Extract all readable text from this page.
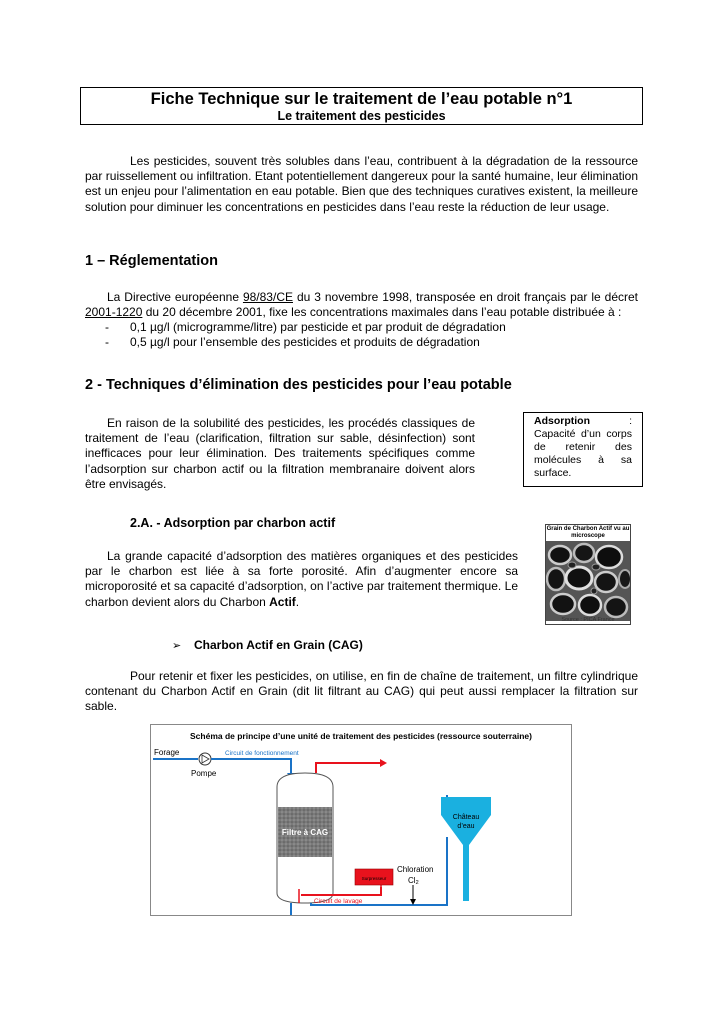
Fiche Technique sur le traitement de l’eau potable n°1
Le traitement des pesticides
Les pesticides, souvent très solubles dans l’eau, contribuent à la dégradation de la ressource par ruissellement ou infiltration. Etant potentiellement dangereux pour la santé humaine, leur élimination est un enjeu pour l’alimentation en eau potable. Bien que des techniques curatives existent, la meilleure solution pour diminuer les concentrations en pesticides dans l’eau reste la réduction de leur usage.
1 – Réglementation
La Directive européenne 98/83/CE du 3 novembre 1998, transposée en droit français par le décret 2001-1220 du 20 décembre 2001, fixe les concentrations maximales dans l’eau potable distribuée à :
- 0,1 µg/l (microgramme/litre) par pesticide et par produit de dégradation
- 0,5 µg/l pour l’ensemble des pesticides et produits de dégradation
2 - Techniques d’élimination des pesticides pour l’eau potable
En raison de la solubilité des pesticides, les procédés classiques de traitement de l’eau (clarification, filtration sur sable, désinfection) sont inefficaces pour leur élimination. Des traitements spécifiques comme l’adsorption sur charbon actif ou la filtration membranaire doivent alors être envisagés.
Adsorption : Capacité d’un corps de retenir des molécules à sa surface.
2.A. - Adsorption par charbon actif
La grande capacité d’adsorption des matières organiques et des pesticides par le charbon est liée à sa forte porosité. Afin d’augmenter encore sa microporosité et sa capacité d’adsorption, on l’active par traitement thermique. Le charbon devient alors du Charbon Actif.
Grain de Charbon Actif vu au microscope
Source : PICA France
➢ Charbon Actif en Grain (CAG)
Pour retenir et fixer les pesticides, on utilise, en fin de chaîne de traitement, un filtre cylindrique contenant du Charbon Actif en Grain (dit lit filtrant au CAG) qui peut aussi remplacer la filtration sur sable.
Schéma de principe d’une unité de traitement des pesticides (ressource souterraine)
Forage
Pompe
Circuit de fonctionnement
Filtre à CAG
Circuit de lavage
Surpresseur
Chloration
Cl2
Château
d’eau
